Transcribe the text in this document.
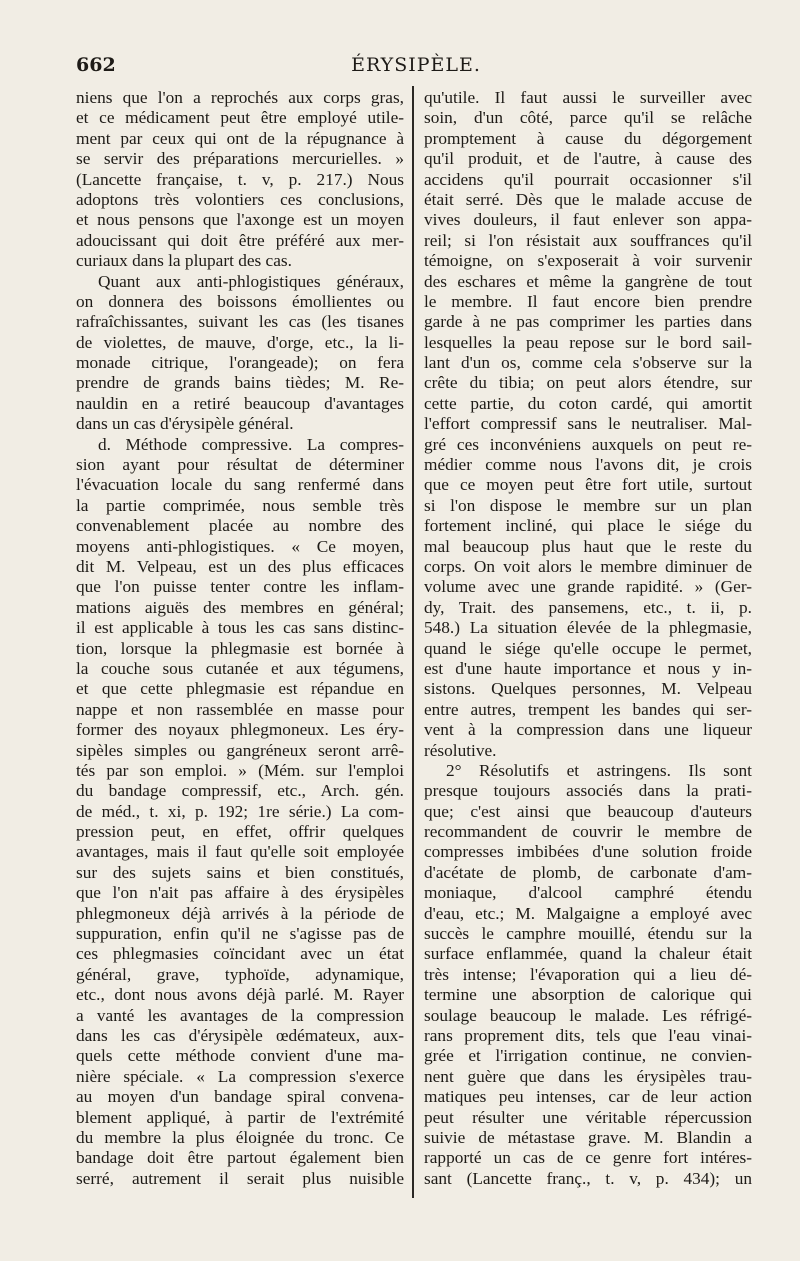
662	ÉRYSIPÈLE.
niens que l'on a reprochés aux corps gras,
et ce médicament peut être employé utile-
ment par ceux qui ont de la répugnance à
se servir des préparations mercurielles. »
(Lancette française, t. v, p. 217.) Nous
adoptons très volontiers ces conclusions,
et nous pensons que l'axonge est un moyen
adoucissant qui doit être préféré aux mer-
curiaux dans la plupart des cas.
Quant aux anti-phlogistiques généraux,
on donnera des boissons émollientes ou
rafraîchissantes, suivant les cas (les tisanes
de violettes, de mauve, d'orge, etc., la li-
monade citrique, l'orangeade); on fera
prendre de grands bains tièdes; M. Re-
nauldin en a retiré beaucoup d'avantages
dans un cas d'érysipèle général.
d. Méthode compressive. La compres-
sion ayant pour résultat de déterminer
l'évacuation locale du sang renfermé dans
la partie comprimée, nous semble très
convenablement placée au nombre des
moyens anti-phlogistiques. « Ce moyen,
dit M. Velpeau, est un des plus efficaces
que l'on puisse tenter contre les inflam-
mations aiguës des membres en général;
il est applicable à tous les cas sans distinc-
tion, lorsque la phlegmasie est bornée à
la couche sous cutanée et aux tégumens,
et que cette phlegmasie est répandue en
nappe et non rassemblée en masse pour
former des noyaux phlegmoneux. Les éry-
sipèles simples ou gangréneux seront arrê-
tés par son emploi. » (Mém. sur l'emploi
du bandage compressif, etc., Arch. gén.
de méd., t. xi, p. 192; 1re série.) La com-
pression peut, en effet, offrir quelques
avantages, mais il faut qu'elle soit employée
sur des sujets sains et bien constitués,
que l'on n'ait pas affaire à des érysipèles
phlegmoneux déjà arrivés à la période de
suppuration, enfin qu'il ne s'agisse pas de
ces phlegmasies coïncidant avec un état
général, grave, typhoïde, adynamique,
etc., dont nous avons déjà parlé. M. Rayer
a vanté les avantages de la compression
dans les cas d'érysipèle œdémateux, aux-
quels cette méthode convient d'une ma-
nière spéciale. « La compression s'exerce
au moyen d'un bandage spiral convena-
blement appliqué, à partir de l'extrémité
du membre la plus éloignée du tronc. Ce
bandage doit être partout également bien
serré, autrement il serait plus nuisible
qu'utile. Il faut aussi le surveiller avec
soin, d'un côté, parce qu'il se relâche
promptement à cause du dégorgement
qu'il produit, et de l'autre, à cause des
accidens qu'il pourrait occasionner s'il
était serré. Dès que le malade accuse de
vives douleurs, il faut enlever son appa-
reil; si l'on résistait aux souffrances qu'il
témoigne, on s'exposerait à voir survenir
des eschares et même la gangrène de tout
le membre. Il faut encore bien prendre
garde à ne pas comprimer les parties dans
lesquelles la peau repose sur le bord sail-
lant d'un os, comme cela s'observe sur la
crête du tibia; on peut alors étendre, sur
cette partie, du coton cardé, qui amortit
l'effort compressif sans le neutraliser. Mal-
gré ces inconvéniens auxquels on peut re-
médier comme nous l'avons dit, je crois
que ce moyen peut être fort utile, surtout
si l'on dispose le membre sur un plan
fortement incliné, qui place le siége du
mal beaucoup plus haut que le reste du
corps. On voit alors le membre diminuer de
volume avec une grande rapidité. » (Ger-
dy, Trait. des pansemens, etc., t. ii, p.
548.) La situation élevée de la phlegmasie,
quand le siége qu'elle occupe le permet,
est d'une haute importance et nous y in-
sistons. Quelques personnes, M. Velpeau
entre autres, trempent les bandes qui ser-
vent à la compression dans une liqueur
résolutive.
2° Résolutifs et astringens. Ils sont
presque toujours associés dans la prati-
que; c'est ainsi que beaucoup d'auteurs
recommandent de couvrir le membre de
compresses imbibées d'une solution froide
d'acétate de plomb, de carbonate d'am-
moniaque, d'alcool camphré étendu
d'eau, etc.; M. Malgaigne a employé avec
succès le camphre mouillé, étendu sur la
surface enflammée, quand la chaleur était
très intense; l'évaporation qui a lieu dé-
termine une absorption de calorique qui
soulage beaucoup le malade. Les réfrigé-
rans proprement dits, tels que l'eau vinai-
grée et l'irrigation continue, ne convien-
nent guère que dans les érysipèles trau-
matiques peu intenses, car de leur action
peut résulter une véritable répercussion
suivie de métastase grave. M. Blandin a
rapporté un cas de ce genre fort intéres-
sant (Lancette franç., t. v, p. 434); un
